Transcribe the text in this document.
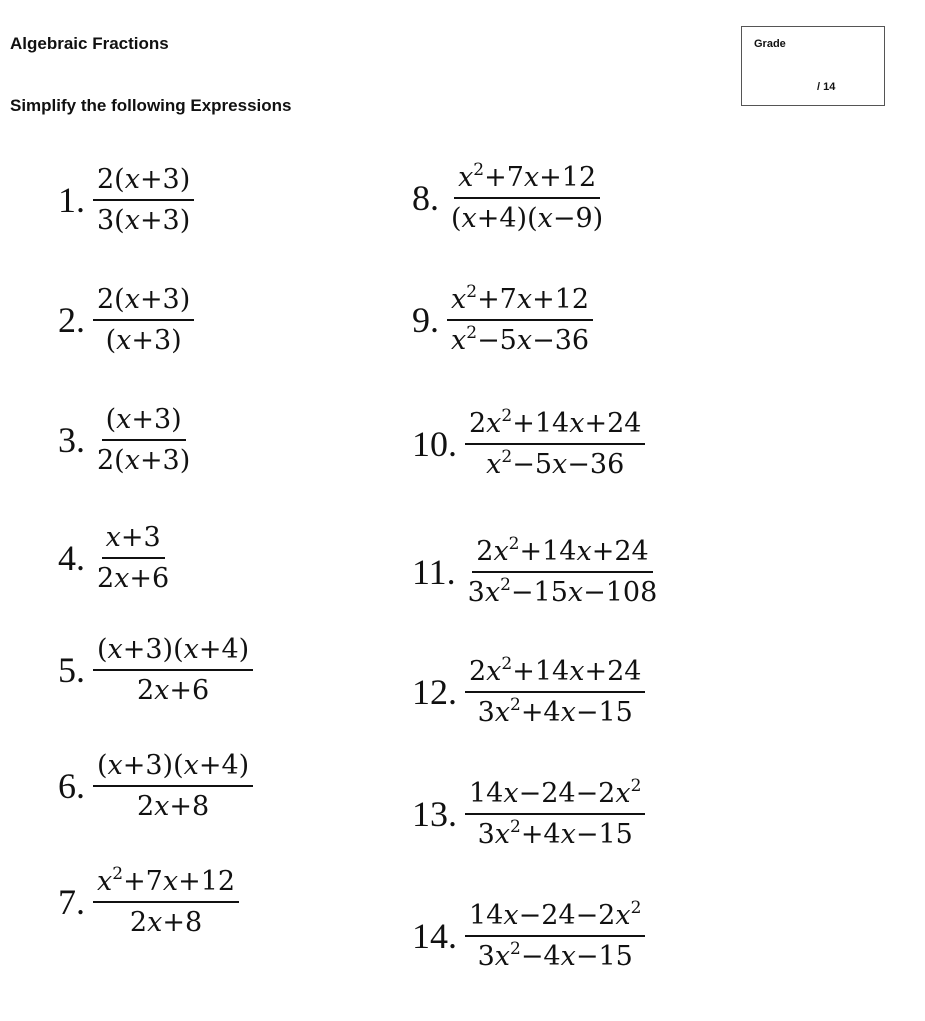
Algebraic Fractions
Simplify the following Expressions
Grade
/ 14
1. $\frac{\text{2(𝑥+3)}}{\text{3(𝑥+3)}}$
2. $\frac{\text{2(𝑥+3)}}{\text{(𝑥+3)}}$
3. $\frac{\text{(𝑥+3)}}{\text{2(𝑥+3)}}$
4. $\frac{\text{𝑥+3}}{\text{2𝑥+6}}$
5. $\frac{\text{(𝑥+3)(𝑥+4)}}{\text{2𝑥+6}}$
6. $\frac{\text{(𝑥+3)(𝑥+4)}}{\text{2𝑥+8}}$
7. $\frac{𝑥^2+7𝑥+12}{\text{2𝑥+8}}$
8. $\frac{𝑥^2+7𝑥+12}{\text{(𝑥+4)(𝑥−9)}}$
9. $\frac{𝑥^2+7𝑥+12}{𝑥^2-5𝑥-36}$
10. $\frac{2𝑥^2+14𝑥+24}{𝑥^2-5𝑥-36}$
11. $\frac{2𝑥^2+14𝑥+24}{3𝑥^2-15𝑥-108}$
12. $\frac{2𝑥^2+14𝑥+24}{3𝑥^2+4𝑥-15}$
13. $\frac{14𝑥-24-2𝑥^2}{3𝑥^2+4𝑥-15}$
14. $\frac{14𝑥-24-2𝑥^2}{3𝑥^2-4𝑥-15}$
